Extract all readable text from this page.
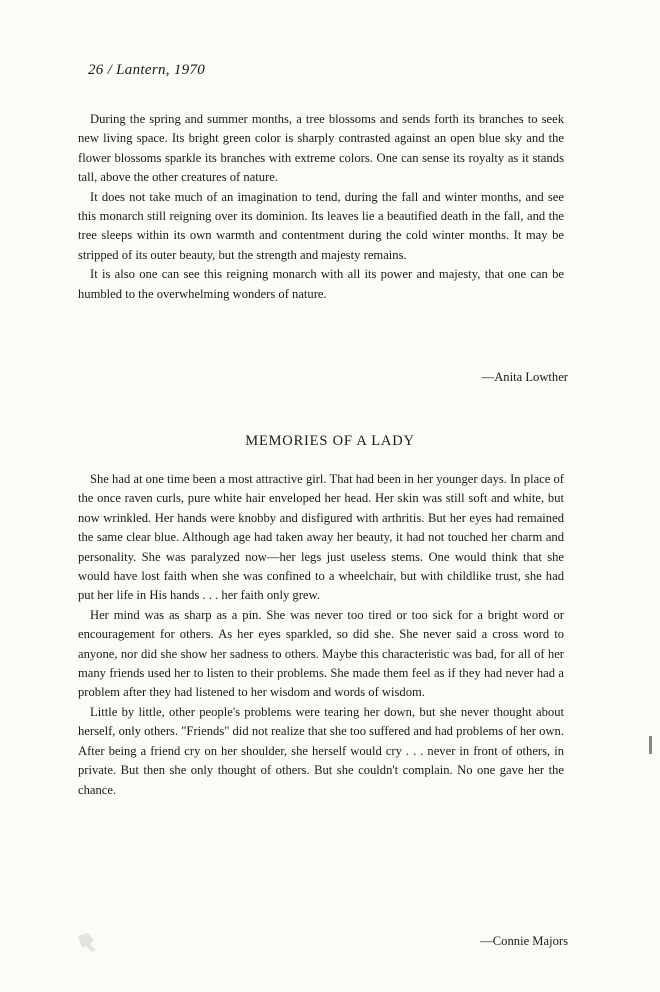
26 / Lantern, 1970

During the spring and summer months, a tree blossoms and sends forth its branches to seek new living space. Its bright green color is sharply contrasted against an open blue sky and the flower blossoms sparkle its branches with extreme colors. One can sense its royalty as it stands tall, above the other creatures of nature.

It does not take much of an imagination to tend, during the fall and winter months, and see this monarch still reigning over its dominion. Its leaves lie a beautified death in the fall, and the tree sleeps within its own warmth and contentment during the cold winter months. It may be stripped of its outer beauty, but the strength and majesty remains.

It is also one can see this reigning monarch with all its power and majesty, that one can be humbled to the overwhelming wonders of nature.

—Anita Lowther
MEMORIES OF A LADY

She had at one time been a most attractive girl. That had been in her younger days. In place of the once raven curls, pure white hair enveloped her head. Her skin was still soft and white, but now wrinkled. Her hands were knobby and disfigured with arthritis. But her eyes had remained the same clear blue. Although age had taken away her beauty, it had not touched her charm and personality. She was paralyzed now—her legs just useless stems. One would think that she would have lost faith when she was confined to a wheelchair, but with childlike trust, she had put her life in His hands . . . her faith only grew.

Her mind was as sharp as a pin. She was never too tired or too sick for a bright word or encouragement for others. As her eyes sparkled, so did she. She never said a cross word to anyone, nor did she show her sadness to others. Maybe this characteristic was bad, for all of her many friends used her to listen to their problems. She made them feel as if they had never had a problem after they had listened to her wisdom and words of wisdom.

Little by little, other people's problems were tearing her down, but she never thought about herself, only others. "Friends" did not realize that she too suffered and had problems of her own. After being a friend cry on her shoulder, she herself would cry . . . never in front of others, in private. But then she only thought of others. But she couldn't complain. No one gave her the chance.

—Connie Majors
